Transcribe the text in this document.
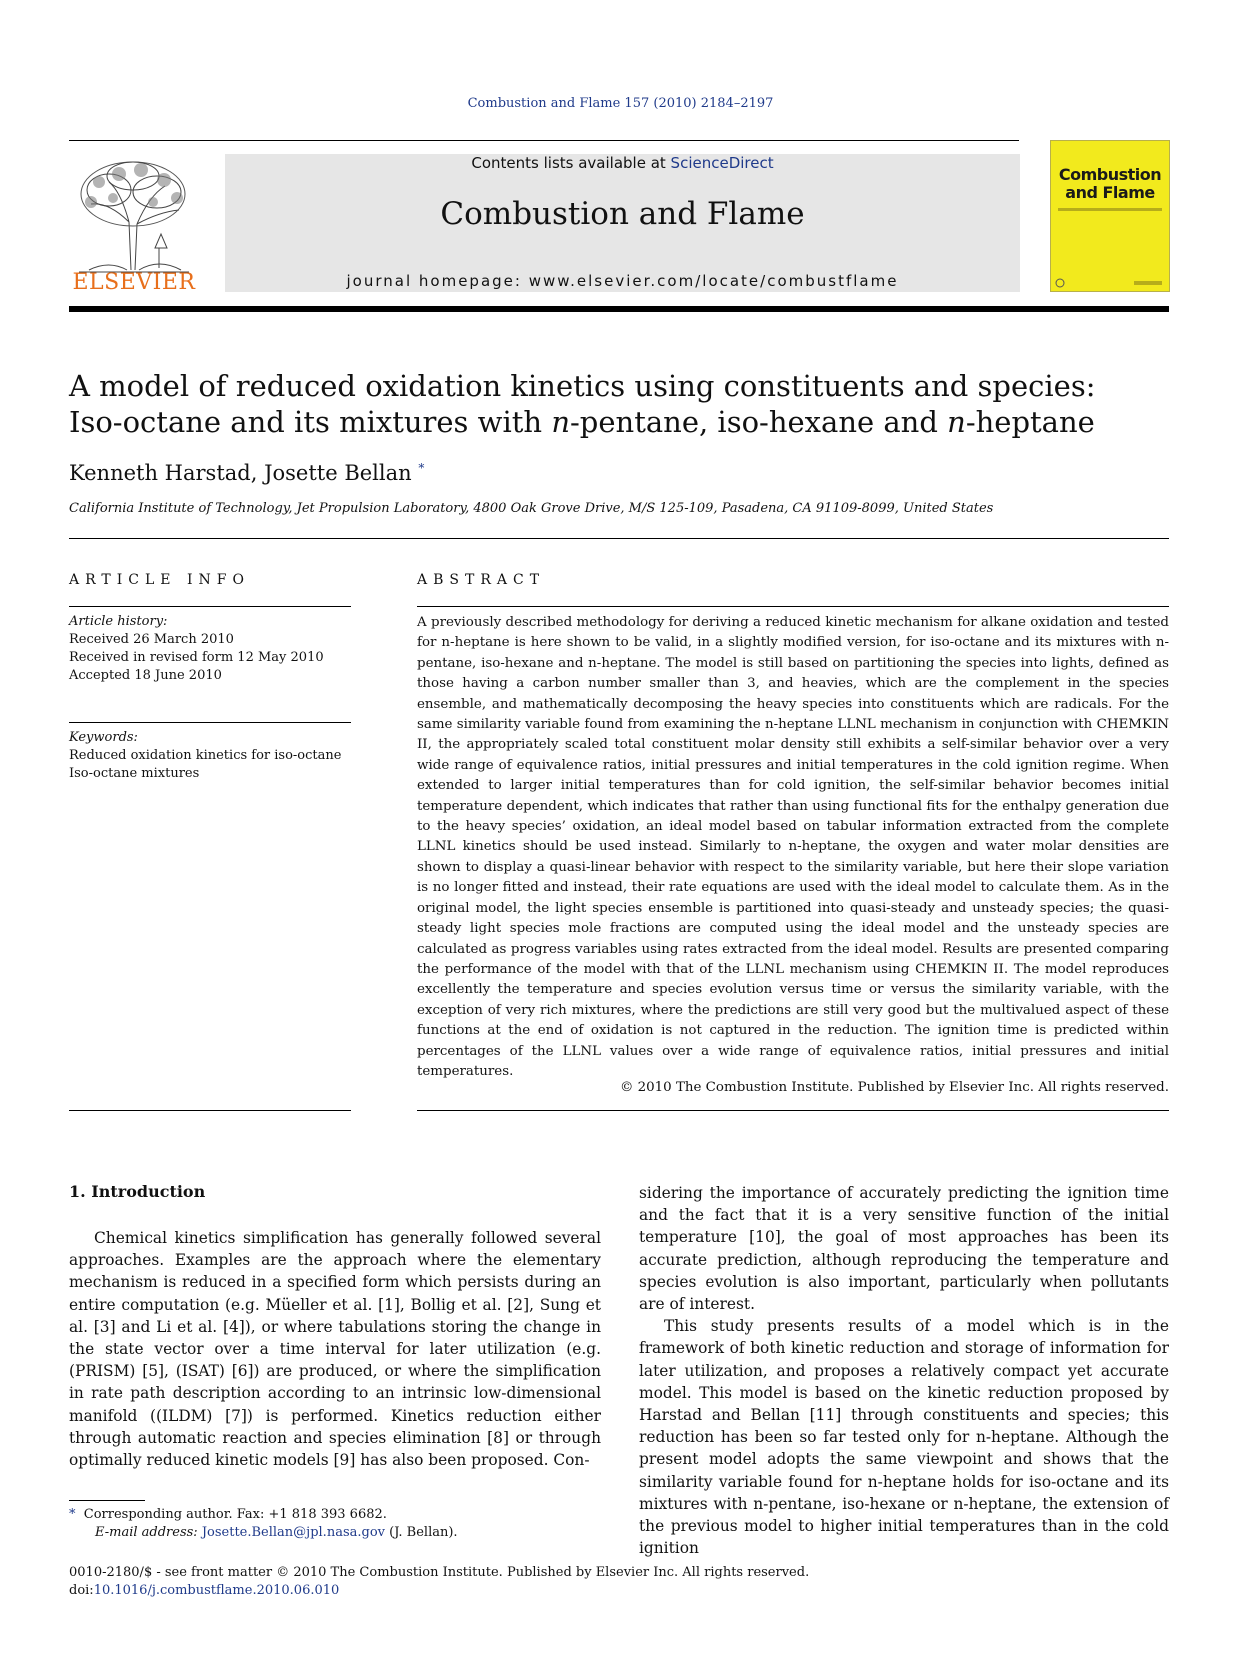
Combustion and Flame 157 (2010) 2184–2197
ELSEVIER
Contents lists available at ScienceDirect
Combustion and Flame
journal homepage: www.elsevier.com/locate/combustflame
Combustion and Flame
A model of reduced oxidation kinetics using constituents and species:
Iso-octane and its mixtures with n-pentane, iso-hexane and n-heptane
Kenneth Harstad, Josette Bellan *
California Institute of Technology, Jet Propulsion Laboratory, 4800 Oak Grove Drive, M/S 125-109, Pasadena, CA 91109-8099, United States
ARTICLE INFO
Article history:
Received 26 March 2010
Received in revised form 12 May 2010
Accepted 18 June 2010
Keywords:
Reduced oxidation kinetics for iso-octane
Iso-octane mixtures
ABSTRACT
A previously described methodology for deriving a reduced kinetic mechanism for alkane oxidation and tested for n-heptane is here shown to be valid, in a slightly modified version, for iso-octane and its mixtures with n-pentane, iso-hexane and n-heptane. The model is still based on partitioning the species into lights, defined as those having a carbon number smaller than 3, and heavies, which are the complement in the species ensemble, and mathematically decomposing the heavy species into constituents which are radicals. For the same similarity variable found from examining the n-heptane LLNL mechanism in conjunction with CHEMKIN II, the appropriately scaled total constituent molar density still exhibits a self-similar behavior over a very wide range of equivalence ratios, initial pressures and initial temperatures in the cold ignition regime. When extended to larger initial temperatures than for cold ignition, the self-similar behavior becomes initial temperature dependent, which indicates that rather than using functional fits for the enthalpy generation due to the heavy species’ oxidation, an ideal model based on tabular information extracted from the complete LLNL kinetics should be used instead. Similarly to n-heptane, the oxygen and water molar densities are shown to display a quasi-linear behavior with respect to the similarity variable, but here their slope variation is no longer fitted and instead, their rate equations are used with the ideal model to calculate them. As in the original model, the light species ensemble is partitioned into quasi-steady and unsteady species; the quasi-steady light species mole fractions are computed using the ideal model and the unsteady species are calculated as progress variables using rates extracted from the ideal model. Results are presented comparing the performance of the model with that of the LLNL mechanism using CHEMKIN II. The model reproduces excellently the temperature and species evolution versus time or versus the similarity variable, with the exception of very rich mixtures, where the predictions are still very good but the multivalued aspect of these functions at the end of oxidation is not captured in the reduction. The ignition time is predicted within percentages of the LLNL values over a wide range of equivalence ratios, initial pressures and initial temperatures.
© 2010 The Combustion Institute. Published by Elsevier Inc. All rights reserved.
1. Introduction

Chemical kinetics simplification has generally followed several approaches. Examples are the approach where the elementary mechanism is reduced in a specified form which persists during an entire computation (e.g. Müeller et al. [1], Bollig et al. [2], Sung et al. [3] and Li et al. [4]), or where tabulations storing the change in the state vector over a time interval for later utilization (e.g. (PRISM) [5], (ISAT) [6]) are produced, or where the simplification in rate path description according to an intrinsic low-dimensional manifold ((ILDM) [7]) is performed. Kinetics reduction either through automatic reaction and species elimination [8] or through optimally reduced kinetic models [9] has also been proposed. Con-

sidering the importance of accurately predicting the ignition time and the fact that it is a very sensitive function of the initial temperature [10], the goal of most approaches has been its accurate prediction, although reproducing the temperature and species evolution is also important, particularly when pollutants are of interest.

This study presents results of a model which is in the framework of both kinetic reduction and storage of information for later utilization, and proposes a relatively compact yet accurate model. This model is based on the kinetic reduction proposed by Harstad and Bellan [11] through constituents and species; this reduction has been so far tested only for n-heptane. Although the present model adopts the same viewpoint and shows that the similarity variable found for n-heptane holds for iso-octane and its mixtures with n-pentane, iso-hexane or n-heptane, the extension of the previous model to higher initial temperatures than in the cold ignition

* Corresponding author. Fax: +1 818 393 6682.
E-mail address: Josette.Bellan@jpl.nasa.gov (J. Bellan).
0010-2180/$ - see front matter © 2010 The Combustion Institute. Published by Elsevier Inc. All rights reserved.
doi:10.1016/j.combustflame.2010.06.010
